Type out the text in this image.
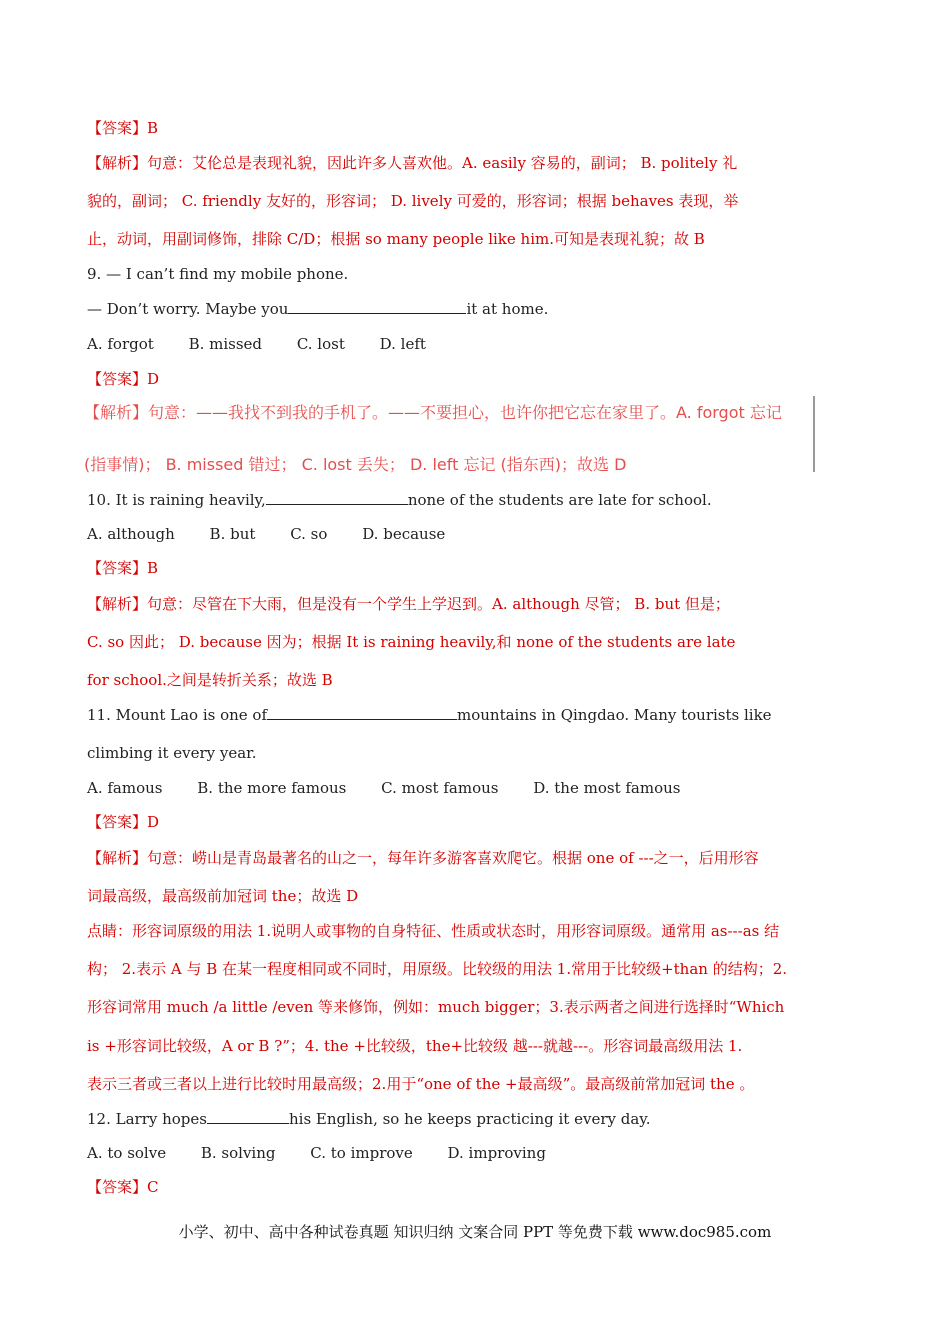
【答案】B
【解析】句意：艾伦总是表现礼貌，因此许多人喜欢他。A. easily 容易的，副词； B. politely 礼
貌的，副词； C. friendly 友好的，形容词； D. lively 可爱的，形容词；根据 behaves 表现，举
止，动词，用副词修饰，排除 C/D；根据 so many people like him.可知是表现礼貌；故 B
9. — I can’t find my mobile phone.
— Don’t worry. Maybe you	it at home.
A. forgot B. missed C. lost D. left
【答案】D
【解析】句意：——我找不到我的手机了。——不要担心，也许你把它忘在家里了。A. forgot 忘记
(指事情)； B. missed 错过； C. lost 丢失； D. left 忘记 (指东西)；故选 D
10. It is raining heavily,	none of the students are late for school.
A. although B. but C. so D. because
【答案】B
【解析】句意：尽管在下大雨，但是没有一个学生上学迟到。A. although 尽管； B. but 但是；
C. so 因此； D. because 因为；根据 It is raining heavily,和 none of the students are late
for school.之间是转折关系；故选 B
11. Mount Lao is one of	mountains in Qingdao. Many tourists like
climbing it every year.
A. famous B. the more famous C. most famous D. the most famous
【答案】D
【解析】句意：崂山是青岛最著名的山之一，每年许多游客喜欢爬它。根据 one of ---之一，后用形容
词最高级，最高级前加冠词 the；故选 D
点睛：形容词原级的用法 1.说明人或事物的自身特征、性质或状态时，用形容词原级。通常用 as---as 结
构； 2.表示 A 与 B 在某一程度相同或不同时，用原级。比较级的用法 1.常用于比较级+than 的结构；2.
形容词常用 much /a little /even 等来修饰，例如：much bigger；3.表示两者之间进行选择时“Which
is +形容词比较级，A or B ?”；4. the +比较级，the+比较级 越---就越---。形容词最高级用法 1.
表示三者或三者以上进行比较时用最高级；2.用于“one of the +最高级”。最高级前常加冠词 the 。
12. Larry hopes	his English, so he keeps practicing it every day.
A. to solve B. solving C. to improve D. improving
【答案】C
小学、初中、高中各种试卷真题 知识归纳 文案合同 PPT 等免费下载 www.doc985.com
